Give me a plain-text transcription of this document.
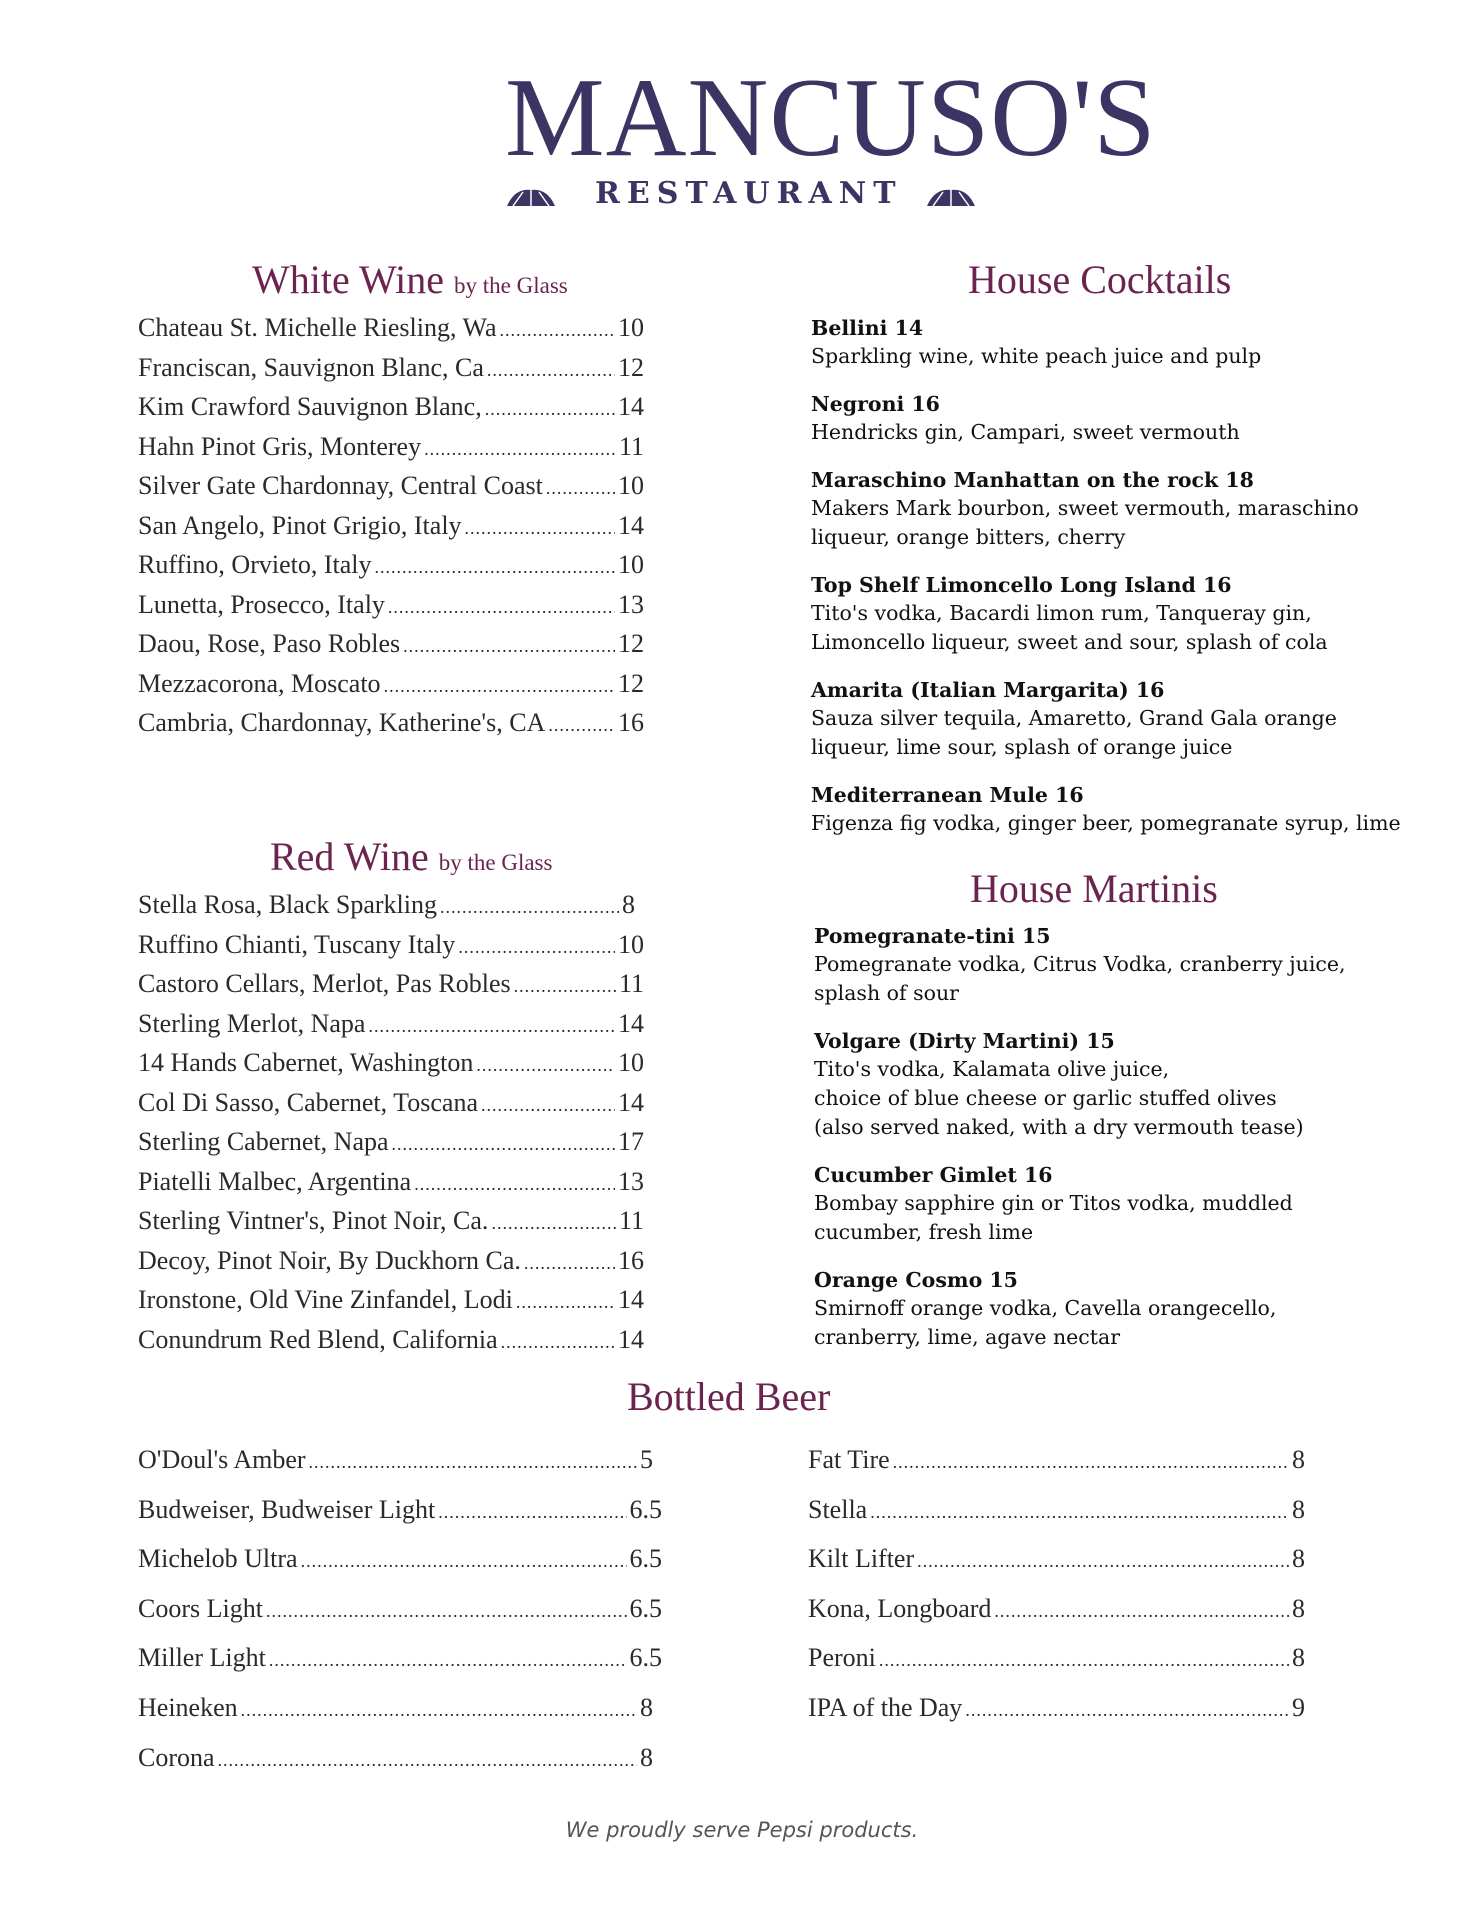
MANCUSO'S
RESTAURANT
White Wine by the Glass
Chateau St. Michelle Riesling, Wa .....	10
Franciscan, Sauvignon Blanc, Ca .....	12
Kim Crawford Sauvignon Blanc, .....	14
Hahn Pinot Gris, Monterey .....	11
Silver Gate Chardonnay, Central Coast .....	10
San Angelo, Pinot Grigio, Italy .....	14
Ruffino, Orvieto, Italy .....	10
Lunetta, Prosecco, Italy .....	13
Daou, Rose, Paso Robles .....	12
Mezzacorona, Moscato .....	12
Cambria, Chardonnay, Katherine's, CA .....	16
Red Wine by the Glass
Stella Rosa, Black Sparkling .....	8
Ruffino Chianti, Tuscany Italy .....	10
Castoro Cellars, Merlot, Pas Robles .....	11
Sterling Merlot, Napa .....	14
14 Hands Cabernet, Washington .....	10
Col Di Sasso, Cabernet, Toscana .....	14
Sterling Cabernet, Napa .....	17
Piatelli Malbec, Argentina .....	13
Sterling Vintner's, Pinot Noir, Ca. .....	11
Decoy, Pinot Noir, By Duckhorn Ca. .....	16
Ironstone, Old Vine Zinfandel, Lodi .....	14
Conundrum Red Blend, California .....	14
House Cocktails
Bellini 14
Sparkling wine, white peach juice and pulp
Negroni 16
Hendricks gin, Campari, sweet vermouth
Maraschino Manhattan on the rock 18
Makers Mark bourbon, sweet vermouth, maraschino
liqueur, orange bitters, cherry
Top Shelf Limoncello Long Island 16
Tito's vodka, Bacardi limon rum, Tanqueray gin,
Limoncello liqueur, sweet and sour, splash of cola
Amarita (Italian Margarita) 16
Sauza silver tequila, Amaretto, Grand Gala orange
liqueur, lime sour, splash of orange juice
Mediterranean Mule 16
Figenza fig vodka, ginger beer, pomegranate syrup, lime
House Martinis
Pomegranate-tini 15
Pomegranate vodka, Citrus Vodka, cranberry juice,
splash of sour
Volgare (Dirty Martini) 15
Tito's vodka, Kalamata olive juice,
choice of blue cheese or garlic stuffed olives
(also served naked, with a dry vermouth tease)
Cucumber Gimlet 16
Bombay sapphire gin or Titos vodka, muddled
cucumber, fresh lime
Orange Cosmo 15
Smirnoff orange vodka, Cavella orangecello,
cranberry, lime, agave nectar
Bottled Beer
O'Doul's Amber .....	5
Budweiser, Budweiser Light .....	6.5
Michelob Ultra .....	6.5
Coors Light .....	6.5
Miller Light .....	6.5
Heineken .....	8
Corona .....	8
Fat Tire .....	8
Stella .....	8
Kilt Lifter .....	8
Kona, Longboard .....	8
Peroni .....	8
IPA of the Day .....	9
We proudly serve Pepsi products.
